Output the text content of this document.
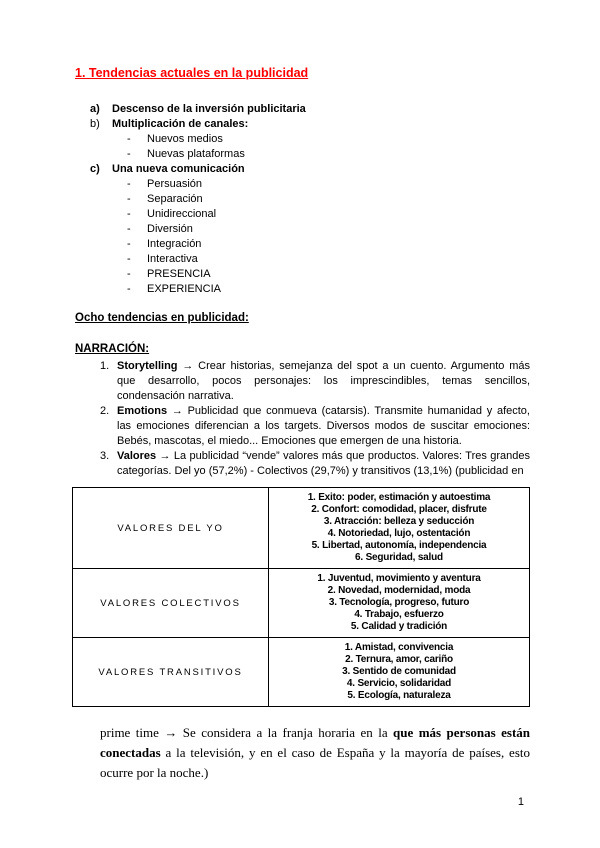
1. Tendencias actuales en la publicidad
a)	Descenso de la inversión publicitaria
b)	Multiplicación de canales:
-	Nuevos medios
-	Nuevas plataformas
c)	Una nueva comunicación
-	Persuasión
-	Separación
-	Unidireccional
-	Diversión
-	Integración
-	Interactiva
-	PRESENCIA
-	EXPERIENCIA
Ocho tendencias en publicidad:
NARRACIÓN:
1. Storytelling → Crear historias, semejanza del spot a un cuento. Argumento más que desarrollo, pocos personajes: los imprescindibles, temas sencillos, condensación narrativa.
2. Emotions → Publicidad que conmueva (catarsis). Transmite humanidad y afecto, las emociones diferencian a los targets. Diversos modos de suscitar emociones: Bebés, mascotas, el miedo... Emociones que emergen de una historia.
3. Valores → La publicidad “vende” valores más que productos. Valores: Tres grandes categorías. Del yo (57,2%) - Colectivos (29,7%) y transitivos (13,1%) (publicidad en
VALORES DEL YO	
1. Exito: poder, estimación y autoestima
2. Confort: comodidad, placer, disfrute
3. Atracción: belleza y seducción
4. Notoriedad, lujo, ostentación
5. Libertad, autonomía, independencia
6. Seguridad, salud

VALORES COLECTIVOS	1. Juventud, movimiento y aventura
2. Novedad, modernidad, moda
3. Tecnología, progreso, futuro
4. Trabajo, esfuerzo
5. Calidad y tradición

VALORES TRANSITIVOS	1. Amistad, convivencia
2. Ternura, amor, cariño
3. Sentido de comunidad
4. Servicio, solidaridad
5. Ecología, naturaleza

prime time → Se considera a la franja horaria en la que más personas están conectadas a la televisión, y en el caso de España y la mayoría de países, esto ocurre por la noche.)

1
